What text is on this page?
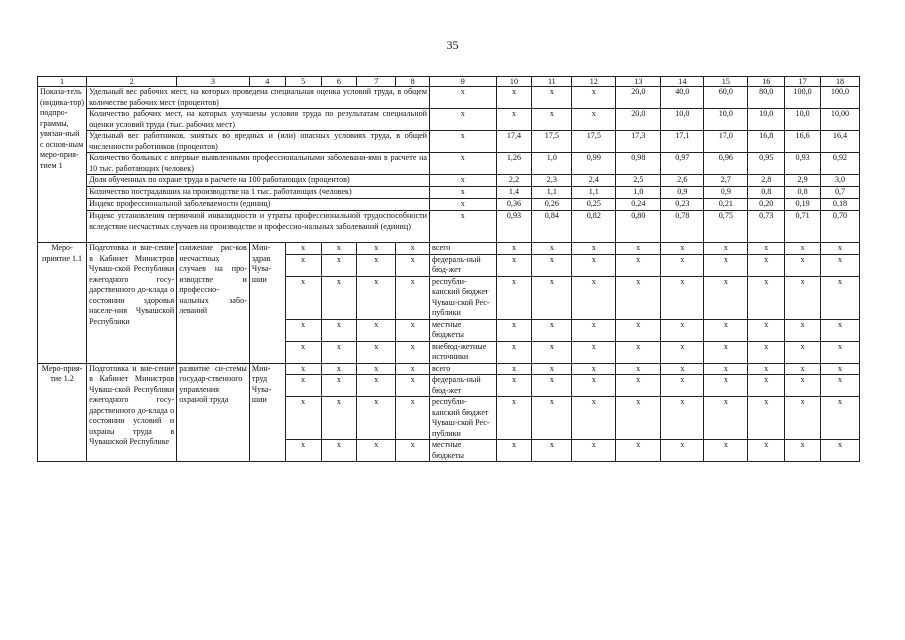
35
1	2	3	4	5	6	7	8	9	10	11	12	13	14	15	16	17	18
Показа-тель (индика-тор) подпро-граммы, увязан-ный с основ-ным меро-прия-тием 1	Удельный вес рабочих мест, на которых проведена специальная оценка условий труда, в общем количестве рабочих мест (процентов)							x	x	x	x	20,0	40,0	60,0	80,0	100,0	100,0
	Количество рабочих мест, на которых улучшены условия труда по результатам специальной оценки условий труда (тыс. рабочих мест)							x	x	x	x	20,0	10,0	10,0	10,0	10,0	10,00
	Удельный вес работников, занятых во вредных и (или) опасных условиях труда, в общей численности работников (процентов)							x	17,4	17,5	17,5	17,3	17,1	17,0	16,8	16,6	16,4
	Количество больных с впервые выявленными профессиональными заболевани-ями в расчете на 10 тыс. работающих (человек)							x	1,26	1,0	0,99	0,98	0,97	0,96	0,95	0,93	0,92
	Доля обученных по охране труда в расчете на 100 работающих (процентов)							x	2,2	2,3	2,4	2,5	2,6	2,7	2,8	2,9	3,0
	Количество пострадавших на производстве на 1 тыс. работающих (человек)							x	1,4	1,1	1,1	1,0	0,9	0,9	0,8	0,8	0,7
	Индекс профессиональной заболеваемости (единиц)							x	0,36	0,26	0,25	0,24	0,23	0,21	0,20	0,19	0,18
	Индекс установления первичной инвалидности и утраты профессиональной трудоспособности вследствие несчастных случаев на производстве и профессио-нальных заболеваний (единиц)							x	0,93	0,84	0,82	0,80	0,78	0,75	0,73	0,71	0,70
Меро-приятие 1.1	Подготовка и вне-сение в Кабинет Министров Чуваш-ской Республики ежегодного госу-дарственного до-клада о состоянии здоровья населе-ния Чувашской Республики	снижение рис-ков несчастных случаев на про-изводстве и профессио-нальных забо-леваний	Мин-здрав Чува-шии	x	x	x	x	всего	x	x	x	x	x	x	x	x	x
				x	x	x	x	федераль-ный бюд-жет	x	x	x	x	x	x	x	x	x
				x	x	x	x	республи-канский бюджет Чуваш-ской Рес-публики	x	x	x	x	x	x	x	x	x
				x	x	x	x	местные бюджеты	x	x	x	x	x	x	x	x	x
				x	x	x	x	внебюд-жетные источники	x	x	x	x	x	x	x	x	x
Меро-прия-тие 1.2	Подготовка и вне-сение в Кабинет Министров Чуваш-ской Республики ежегодного госу-дарственного до-клада о состоянии условий и охраны труда в Чувашской Республике	развитие си-стемы государ-ственного управления охраной труда	Мин-труд Чува-шии	x	x	x	x	всего	x	x	x	x	x	x	x	x	x
				x	x	x	x	федераль-ный бюд-жет	x	x	x	x	x	x	x	x	x
				x	x	x	x	республи-канский бюджет Чуваш-ской Рес-публики	x	x	x	x	x	x	x	x	x
				x	x	x	x	местные бюджеты	x	x	x	x	x	x	x	x	x
